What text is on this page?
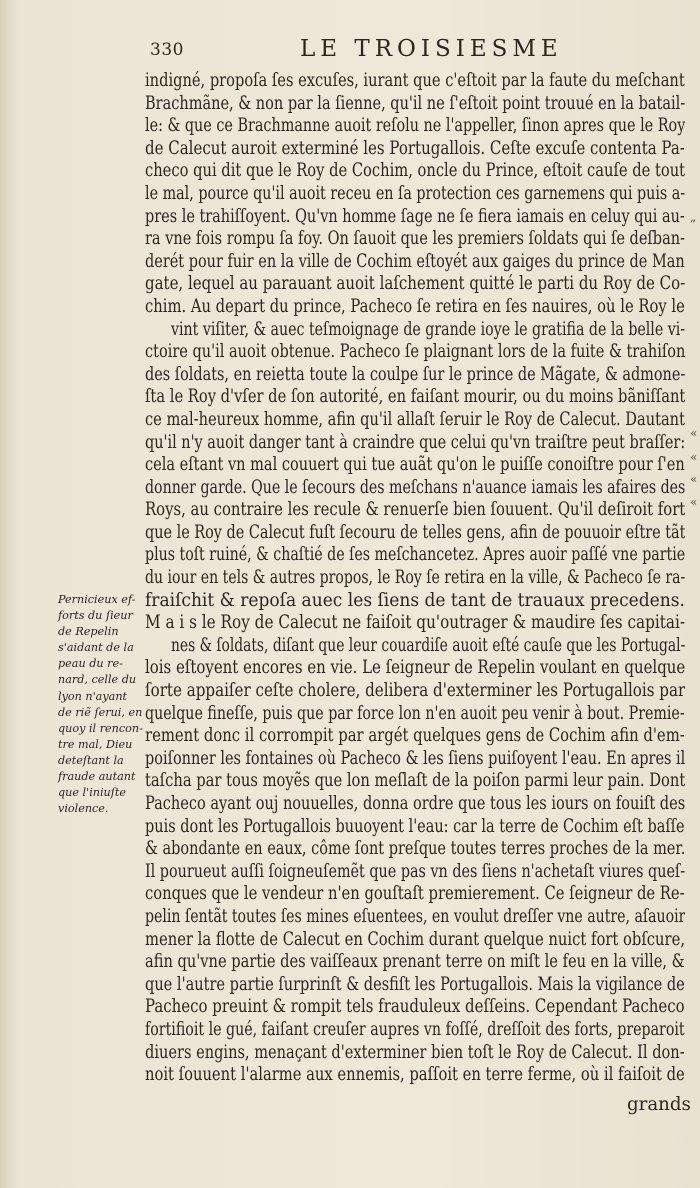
330	LE TROISIESME
indigné, propoſa ſes excuſes, iurant que c'eſtoit par la faute du meſchant
Brachmãne, & non par la ſienne, qu'il ne ſ'eſtoit point trouué en la batail-
le: & que ce Brachmanne auoit reſolu ne l'appeller, ſinon apres que le Roy
de Calecut auroit exterminé les Portugallois. Ceſte excuſe contenta Pa-
checo qui dit que le Roy de Cochim, oncle du Prince, eſtoit cauſe de tout
le mal, pource qu'il auoit receu en ſa protection ces garnemens qui puis a-
pres le trahiſſoyent. Qu'vn homme ſage ne ſe fiera iamais en celuy qui au-
ra vne fois rompu ſa foy. On ſauoit que les premiers ſoldats qui ſe deſban-
derét pour fuir en la ville de Cochim eſtoyét aux gaiges du prince de Man
gate, lequel au parauant auoit laſchement quitté le parti du Roy de Co-
chim. Au depart du prince, Pacheco ſe retira en ſes nauires, où le Roy le
vint viſiter, & auec teſmoignage de grande ioye le gratifia de la belle vi-
ctoire qu'il auoit obtenue. Pacheco ſe plaignant lors de la fuite & trahiſon
des ſoldats, en reietta toute la coulpe ſur le prince de Mãgate, & admone-
ſta le Roy d'vſer de ſon autorité, en faiſant mourir, ou du moins bãniſſant
ce mal-heureux homme, afin qu'il allaſt ſeruir le Roy de Calecut. Dautant
qu'il n'y auoit danger tant à craindre que celui qu'vn traiſtre peut braſſer:
cela eſtant vn mal couuert qui tue auãt qu'on le puiſſe conoiſtre pour ſ'en
donner garde. Que le ſecours des meſchans n'auance iamais les afaires des
Roys, au contraire les recule & renuerſe bien ſouuent. Qu'il deſiroit fort
que le Roy de Calecut fuſt ſecouru de telles gens, afin de pouuoir eſtre tãt
plus toſt ruiné, & chaſtié de ſes meſchancetez. Apres auoir paſſé vne partie
du iour en tels & autres propos, le Roy ſe retira en la ville, & Pacheco ſe ra-
fraiſchit & repoſa auec les ſiens de tant de trauaux precedens.
M a i s le Roy de Calecut ne faiſoit qu'outrager & maudire ſes capitai-
nes & ſoldats, diſant que leur couardiſe auoit eſté cauſe que les Portugal-
lois eſtoyent encores en vie. Le ſeigneur de Repelin voulant en quelque
ſorte appaiſer ceſte cholere, delibera d'exterminer les Portugallois par
quelque fineſſe, puis que par force lon n'en auoit peu venir à bout. Premie-
rement donc il corrompit par argét quelques gens de Cochim afin d'em-
poiſonner les fontaines où Pacheco & les ſiens puiſoyent l'eau. En apres il
taſcha par tous moyẽs que lon meſlaſt de la poiſon parmi leur pain. Dont
Pacheco ayant ouj nouuelles, donna ordre que tous les iours on fouiſt des
puis dont les Portugallois buuoyent l'eau: car la terre de Cochim eſt baſſe
& abondante en eaux, côme ſont preſque toutes terres proches de la mer.
Il pourueut auſſi ſoigneuſemẽt que pas vn des ſiens n'achetaſt viures queſ-
conques que le vendeur n'en gouſtaſt premierement. Ce ſeigneur de Re-
pelin ſentãt toutes ſes mines eſuentees, en voulut dreſſer vne autre, aſauoir
mener la flotte de Calecut en Cochim durant quelque nuict fort obſcure,
afin qu'vne partie des vaiſſeaux prenant terre on miſt le feu en la ville, &
que l'autre partie ſurprinſt & desfiſt les Portugallois. Mais la vigilance de
Pacheco preuint & rompit tels frauduleux deſſeins. Cependant Pacheco
fortifioit le gué, faiſant creuſer aupres vn foſſé, dreſſoit des forts, preparoit
diuers engins, menaçant d'exterminer bien toſt le Roy de Calecut. Il don-
noit ſouuent l'alarme aux ennemis, paſſoit en terre ferme, où il faiſoit de
Pernicieux ef-
forts du ſieur
de Repelin
s'aidant de la
peau du re-
nard, celle du
lyon n'ayant
de riẽ ſerui, en
quoy il rencon-
tre mal, Dieu
deteſtant la
fraude autant
que l'iniuſte
violence.
„
«
«
«
«
grands
